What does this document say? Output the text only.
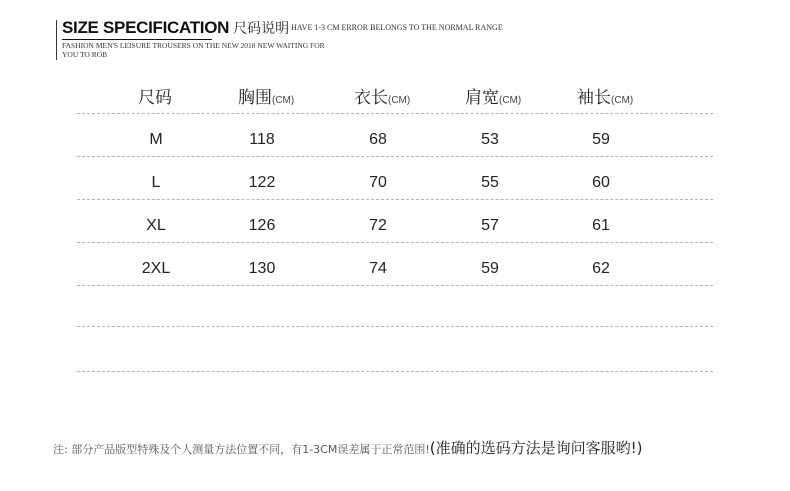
SIZE SPECIFICATION 尺码说明 HAVE 1-3 CM ERROR BELONGS TO THE NORMAL RANGE
FASHION MEN'S LEISURE TROUSERS ON THE NEW 2018 NEW WAITING FOR
YOU TO ROB
尺码	胸围(CM)	衣长(CM)	肩宽(CM)	袖长(CM)
M	118	68	53	59
L	122	70	55	60
XL	126	72	57	61
2XL	130	74	59	62
注: 部分产品版型特殊及个人测量方法位置不同，有1-3CM误差属于正常范围!(准确的选码方法是询问客服哟!)
